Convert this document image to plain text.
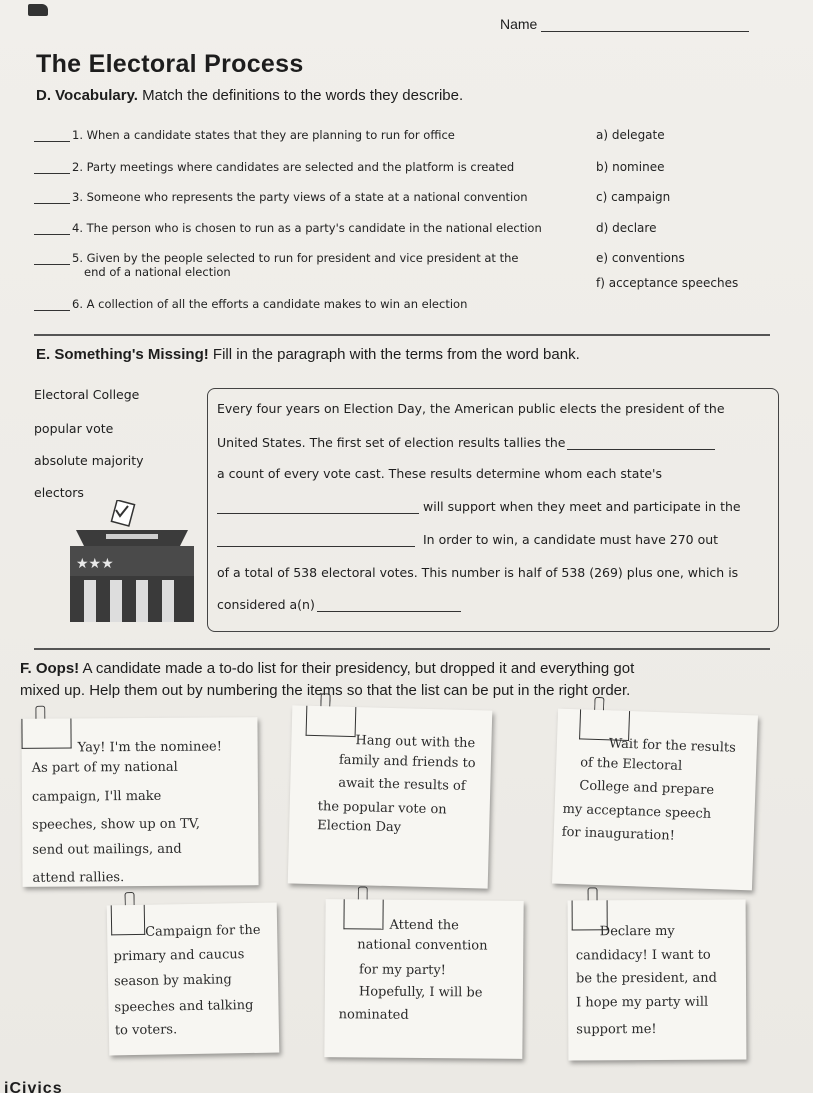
Name
The Electoral Process
D. Vocabulary. Match the definitions to the words they describe.
1. When a candidate states that they are planning to run for office
2. Party meetings where candidates are selected and the platform is created
3. Someone who represents the party views of a state at a national convention
4. The person who is chosen to run as a party's candidate in the national election
5. Given by the people selected to run for president and vice president at the
end of a national election
6. A collection of all the efforts a candidate makes to win an election
a) delegate
b) nominee
c) campaign
d) declare
e) conventions
f) acceptance speeches
E. Something's Missing! Fill in the paragraph with the terms from the word bank.
Electoral College
popular vote
absolute majority
electors
★★★
Every four years on Election Day, the American public elects the president of the
United States. The first set of election results tallies the
a count of every vote cast. These results determine whom each state's
will support when they meet and participate in the
In order to win, a candidate must have 270 out
of a total of 538 electoral votes. This number is half of 538 (269) plus one, which is
considered a(n)
F. Oops! A candidate made a to-do list for their presidency, but dropped it and everything got
mixed up. Help them out by numbering the items so that the list can be put in the right order.
Yay! I'm the nominee!
As part of my national
campaign, I'll make
speeches, show up on TV,
send out mailings, and
attend rallies.
Hang out with the
family and friends to
await the results of
the popular vote on
Election Day
Wait for the results
of the Electoral
College and prepare
my acceptance speech
for inauguration!
Campaign for the
primary and caucus
season by making
speeches and talking
to voters.
Attend the
national convention
for my party!
Hopefully, I will be
nominated
Declare my
candidacy! I want to
be the president, and
I hope my party will
support me!
iCivics
